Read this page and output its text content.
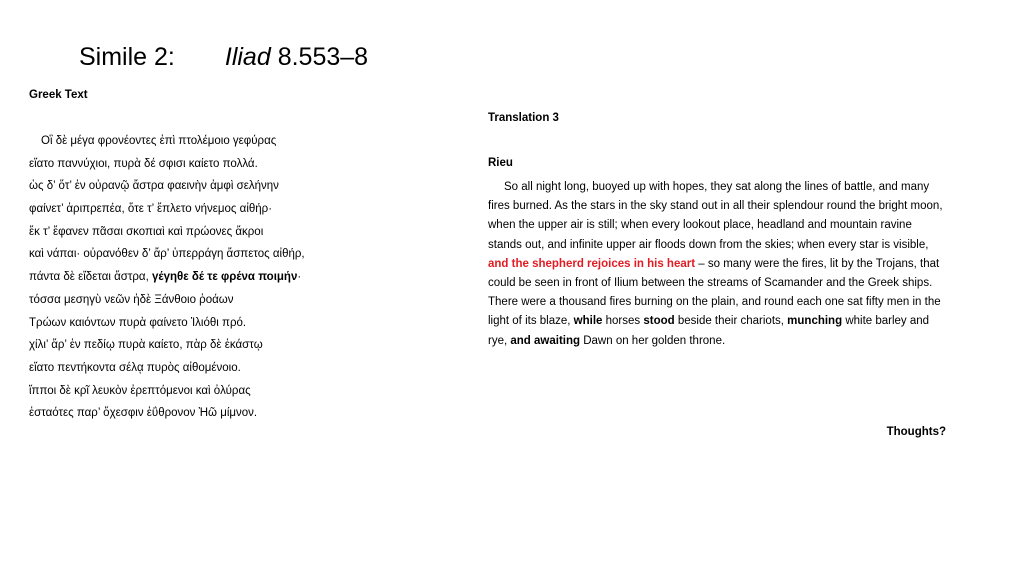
Simile 2: Iliad 8.553–8
Greek Text
Οἳ δὲ μέγα φρονέοντες ἐπὶ πτολέμοιο γεφύρας
εἵατο παννύχιοι, πυρὰ δέ σφισι καίετο πολλά.
ὡς δ’ ὅτ’ ἐν οὐρανῷ ἄστρα φαεινὴν ἀμφὶ σελήνην
φαίνετ’ ἀριπρεπέα, ὅτε τ’ ἔπλετο νήνεμος αἰθήρ·
ἔκ τ’ ἔφανεν πᾶσαι σκοπιαὶ καὶ πρώονες ἄκροι
καὶ νάπαι· οὐρανόθεν δ’ ἄρ’ ὑπερράγη ἄσπετος αἰθήρ,
πάντα δὲ εἴδεται ἄστρα, γέγηθε δέ τε φρένα ποιμήν·
τόσσα μεσηγὺ νεῶν ἠδὲ Ξάνθοιο ῥοάων
Τρώων καιόντων πυρὰ φαίνετο Ἰλιόθι πρό.
χίλι’ ἄρ’ ἐν πεδίῳ πυρὰ καίετο, πὰρ δὲ ἑκάστῳ
εἵατο πεντήκοντα σέλᾳ πυρὸς αἰθομένοιο.
ἵπποι δὲ κρῖ λευκὸν ἐρεπτόμενοι καὶ ὀλύρας
ἑσταότες παρ’ ὄχεσφιν ἐΰθρονον Ἠῶ μίμνον.
Translation 3
Rieu
So all night long, buoyed up with hopes, they sat along the lines of battle, and many fires burned. As the stars in the sky stand out in all their splendour round the bright moon, when the upper air is still; when every lookout place, headland and mountain ravine stands out, and infinite upper air floods down from the skies; when every star is visible, and the shepherd rejoices in his heart – so many were the fires, lit by the Trojans, that could be seen in front of Ilium between the streams of Scamander and the Greek ships. There were a thousand fires burning on the plain, and round each one sat fifty men in the light of its blaze, while horses stood beside their chariots, munching white barley and rye, and awaiting Dawn on her golden throne.
Thoughts?
